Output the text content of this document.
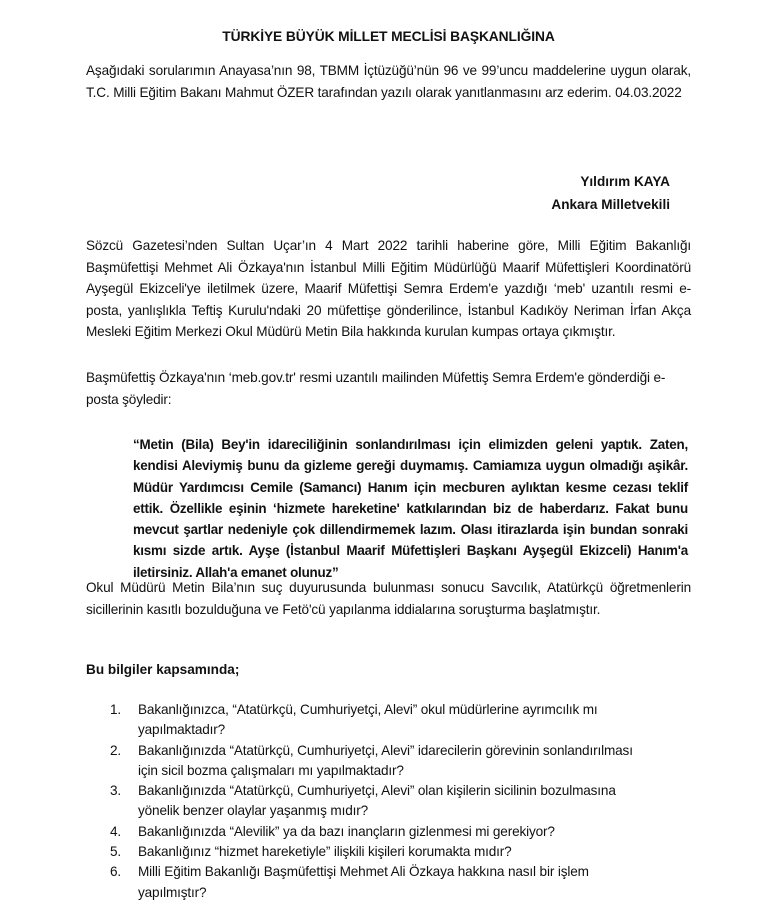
TÜRKİYE BÜYÜK MİLLET MECLİSİ BAŞKANLIĞINA
Aşağıdaki sorularımın Anayasa’nın 98, TBMM İçtüzüğü’nün 96 ve 99’uncu maddelerine uygun olarak, T.C. Milli Eğitim Bakanı Mahmut ÖZER tarafından yazılı olarak yanıtlanmasını arz ederim. 04.03.2022
Yıldırım KAYA
Ankara Milletvekili
Sözcü Gazetesi’nden Sultan Uçar’ın 4 Mart 2022 tarihli haberine göre, Milli Eğitim Bakanlığı Başmüfettişi Mehmet Ali Özkaya'nın İstanbul Milli Eğitim Müdürlüğü Maarif Müfettişleri Koordinatörü Ayşegül Ekizceli'ye iletilmek üzere, Maarif Müfettişi Semra Erdem'e yazdığı ‘meb' uzantılı resmi e-posta, yanlışlıkla Teftiş Kurulu'ndaki 20 müfettişe gönderilince, İstanbul Kadıköy Neriman İrfan Akça Mesleki Eğitim Merkezi Okul Müdürü Metin Bila hakkında kurulan kumpas ortaya çıkmıştır.
Başmüfettiş Özkaya'nın ‘meb.gov.tr' resmi uzantılı mailinden Müfettiş Semra Erdem'e gönderdiği e-posta şöyledir:
“Metin (Bila) Bey'in idareciliğinin sonlandırılması için elimizden geleni yaptık. Zaten, kendisi Aleviymiş bunu da gizleme gereği duymamış. Camiamıza uygun olmadığı aşikâr. Müdür Yardımcısı Cemile (Samancı) Hanım için mecburen aylıktan kesme cezası teklif ettik. Özellikle eşinin ‘hizmete hareketine' katkılarından biz de haberdarız. Fakat bunu mevcut şartlar nedeniyle çok dillendirmemek lazım. Olası itirazlarda işin bundan sonraki kısmı sizde artık. Ayşe (İstanbul Maarif Müfettişleri Başkanı Ayşegül Ekizceli) Hanım'a iletirsiniz. Allah'a emanet olunuz”
Okul Müdürü Metin Bila’nın suç duyurusunda bulunması sonucu Savcılık, Atatürkçü öğretmenlerin sicillerinin kasıtlı bozulduğuna ve Fetö'cü yapılanma iddialarına soruşturma başlatmıştır.
Bu bilgiler kapsamında;
1.	Bakanlığınızca, “Atatürkçü, Cumhuriyetçi, Alevi” okul müdürlerine ayrımcılık mı yapılmaktadır?
2.	Bakanlığınızda “Atatürkçü, Cumhuriyetçi, Alevi” idarecilerin görevinin sonlandırılması için sicil bozma çalışmaları mı yapılmaktadır?
3.	Bakanlığınızda “Atatürkçü, Cumhuriyetçi, Alevi” olan kişilerin sicilinin bozulmasına yönelik benzer olaylar yaşanmış mıdır?
4.	Bakanlığınızda “Alevilik” ya da bazı inançların gizlenmesi mi gerekiyor?
5.	Bakanlığınız “hizmet hareketiyle” ilişkili kişileri korumakta mıdır?
6.	Milli Eğitim Bakanlığı Başmüfettişi Mehmet Ali Özkaya hakkına nasıl bir işlem yapılmıştır?
